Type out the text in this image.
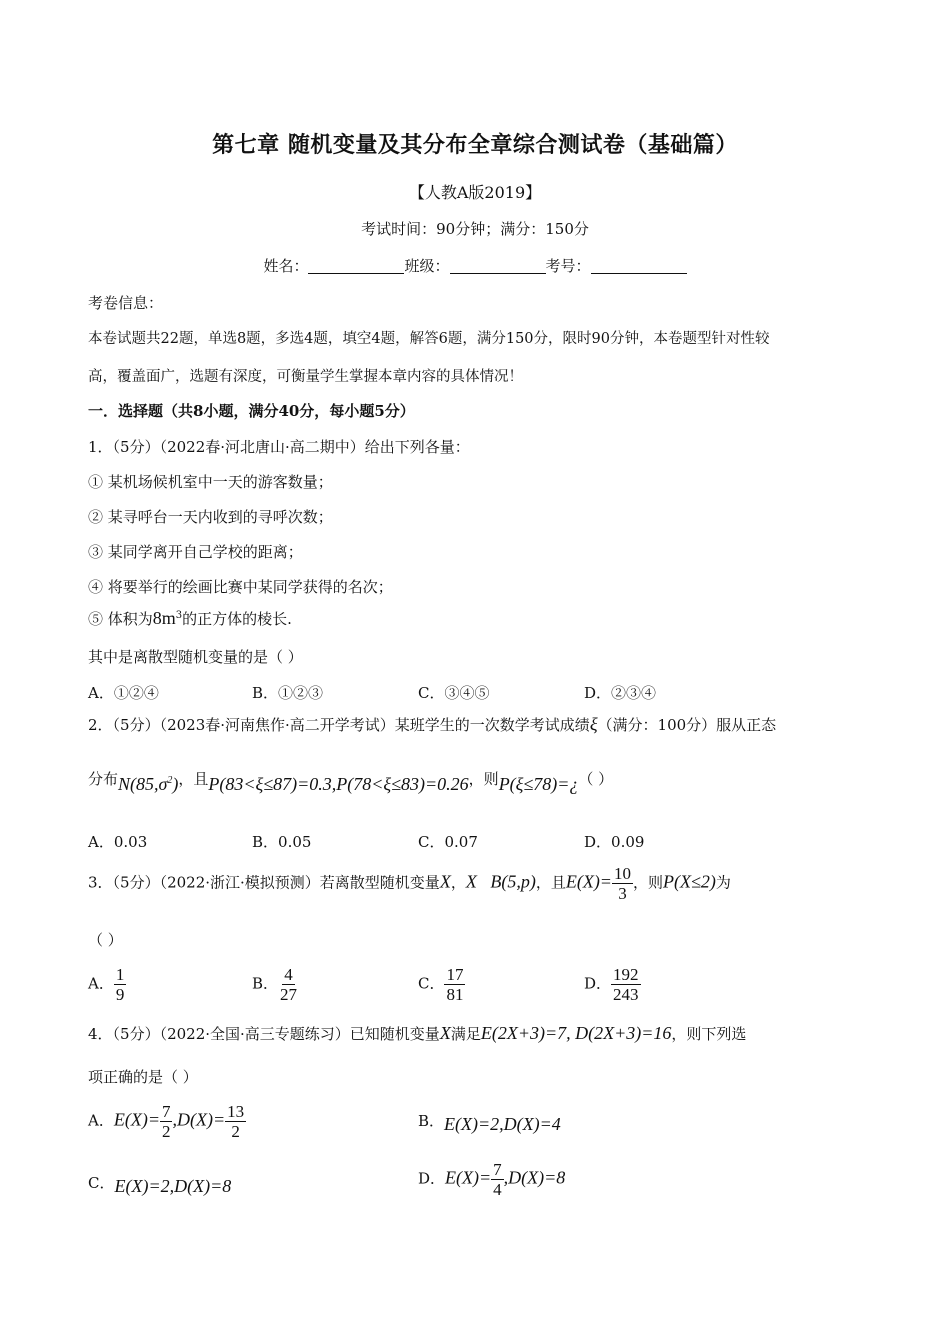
第七章 随机变量及其分布全章综合测试卷（基础篇）
【人教A版2019】
考试时间：90分钟；满分：150分
姓名：	班级：	考号：
考卷信息：
本卷试题共22题，单选8题，多选4题，填空4题，解答6题，满分150分，限时90分钟，本卷题型针对性较
高，覆盖面广，选题有深度，可衡量学生掌握本章内容的具体情况！
一．选择题（共8小题，满分40分，每小题5分）
1．（5分）（2022春·河北唐山·高二期中）给出下列各量：
① 某机场候机室中一天的游客数量；
② 某寻呼台一天内收到的寻呼次数；
③ 某同学离开自己学校的距离；
④ 将要举行的绘画比赛中某同学获得的名次；
⑤ 体积为$8m^3$的正方体的棱长.
其中是离散型随机变量的是（ ）
A．①②④	B．①②③	C．③④⑤	D．②③④
2．（5分）（2023春·河南焦作·高二开学考试）某班学生的一次数学考试成绩ξ（满分：100分）服从正态
分布$N(85,\sigma^2)$，且P(83<ξ≤87)=0.3,P(78<ξ≤83)=0.26，则P(ξ≤78)=¿（ ）
A．0.03	B．0.05	C．0.07	D．0.09
3．（5分）（2022·浙江·模拟预测）若离散型随机变量X，X   B(5,p)，且$E(X)= \frac{10}{3}$ ，则P(X≤2)为
（ ）
A． $\frac{1}{9}$	B． $\frac{4}{27}$	C． $\frac{17}{81}$	D． $\frac{192}{243}$
4．（5分）（2022·全国·高三专题练习）已知随机变量X满足E(2X+3)=7, D(2X+3)=16，则下列选
项正确的是（ ）
A．$E(X)= \frac{7}{2} ,D(X)= \frac{13}{2}$	B．E(X)=2,D(X)=4
C．E(X)=2,D(X)=8	D．$E(X)= \frac{7}{4} ,D(X)=8$
